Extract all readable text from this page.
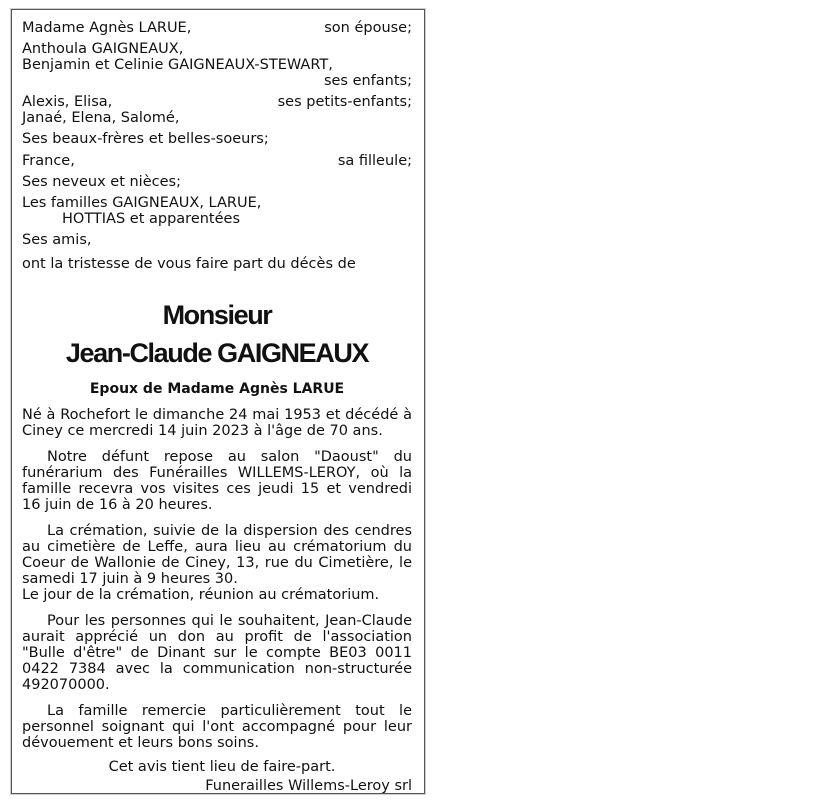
Madame Agnès LARUE,	son épouse;
Anthoula GAIGNEAUX,
Benjamin et Celinie GAIGNEAUX-STEWART,
ses enfants;
Alexis, Elisa,	ses petits-enfants;
Janaé, Elena, Salomé,
Ses beaux-frères et belles-soeurs;
France,	sa filleule;
Ses neveux et nièces;
Les familles GAIGNEAUX, LARUE,
HOTTIAS et apparentées
Ses amis,
ont la tristesse de vous faire part du décès de
Monsieur
Jean-Claude GAIGNEAUX
Epoux de Madame Agnès LARUE

Né à Rochefort le dimanche 24 mai 1953 et décédé à Ciney ce mercredi 14 juin 2023 à l'âge de 70 ans.

Notre défunt repose au salon "Daoust" du funérarium des Funérailles WILLEMS-LEROY, où la famille recevra vos visites ces jeudi 15 et vendredi 16 juin de 16 à 20 heures.

La crémation, suivie de la dispersion des cendres au cimetière de Leffe, aura lieu au crématorium du Coeur de Wallonie de Ciney, 13, rue du Cimetière, le samedi 17 juin à 9 heures 30.

Le jour de la crémation, réunion au crématorium.

Pour les personnes qui le souhaitent, Jean-Claude aurait apprécié un don au profit de l'association "Bulle d'être" de Dinant sur le compte BE03 0011 0422 7384 avec la communication non-structurée 492070000.

La famille remercie particulièrement tout le personnel soignant qui l'ont accompagné pour leur dévouement et leurs bons soins.

Cet avis tient lieu de faire-part.
Funerailles Willems-Leroy srl
